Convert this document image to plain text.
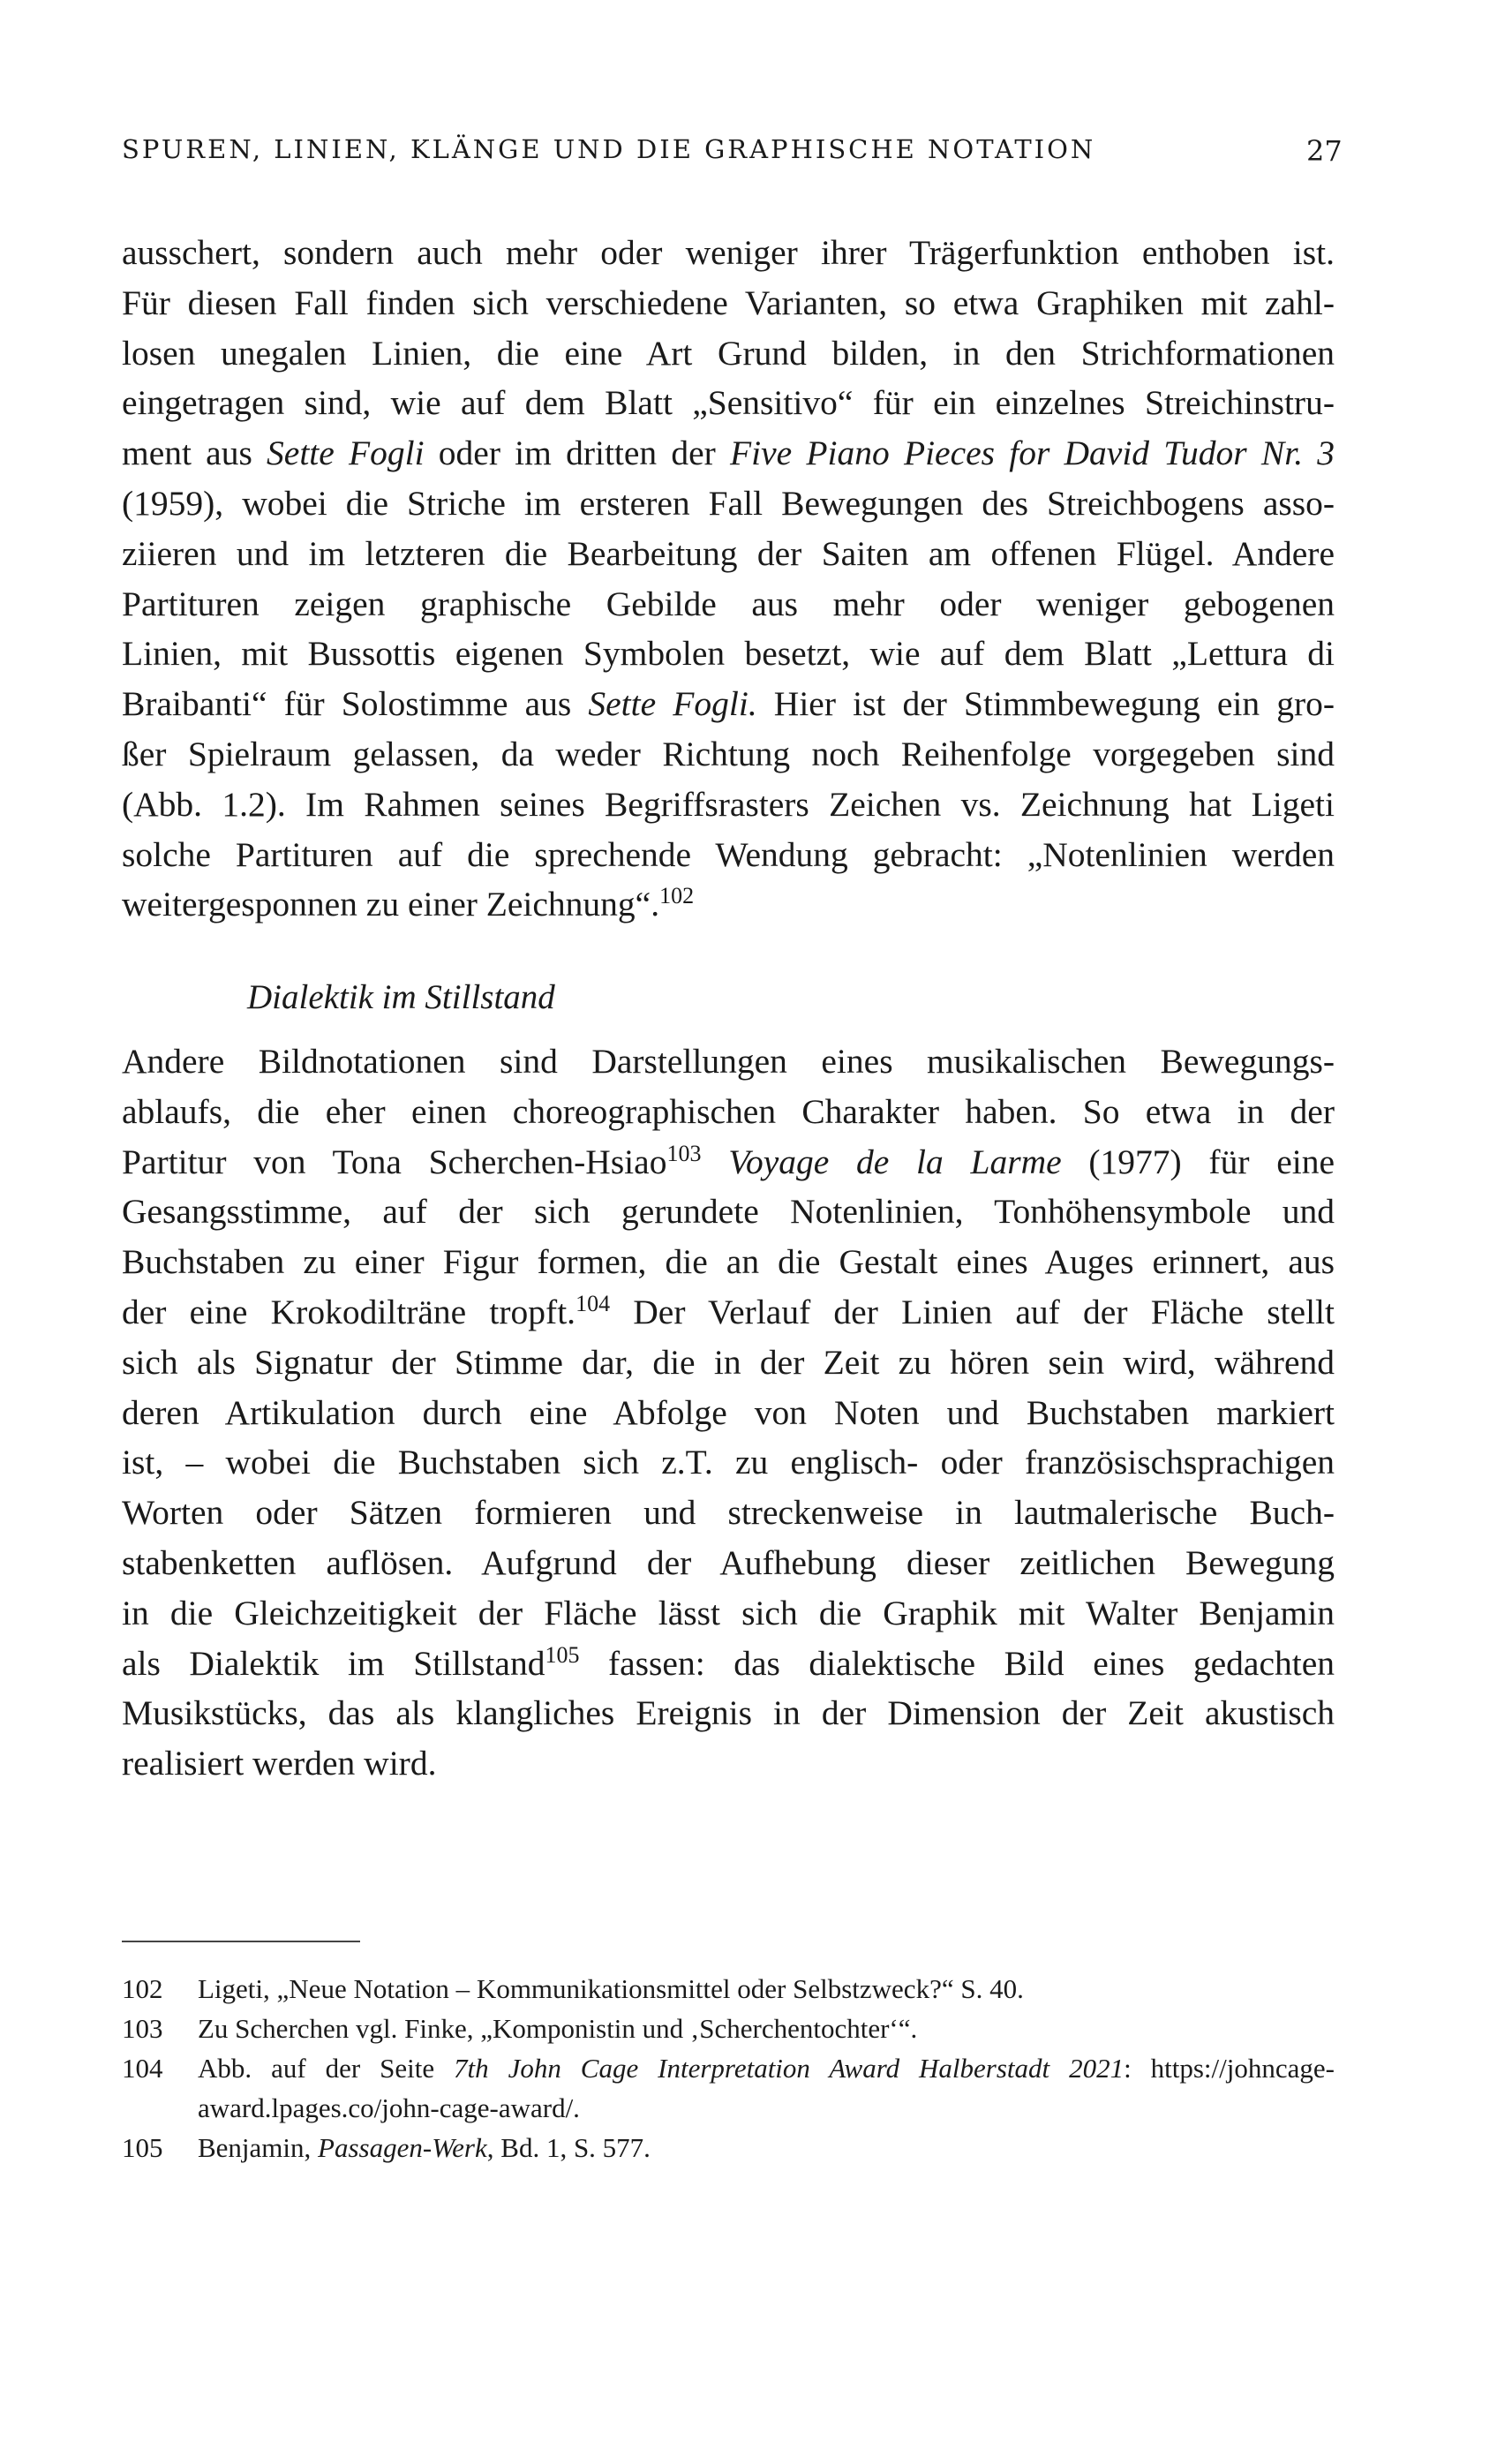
SPUREN, LINIEN, KLÄNGE UND DIE GRAPHISCHE NOTATION	27
ausschert, sondern auch mehr oder weniger ihrer Trägerfunktion enthoben ist.
Für diesen Fall finden sich verschiedene Varianten, so etwa Graphiken mit zahl-
losen unegalen Linien, die eine Art Grund bilden, in den Strichformationen
eingetragen sind, wie auf dem Blatt „Sensitivo“ für ein einzelnes Streichinstru-
ment aus Sette Fogli oder im dritten der Five Piano Pieces for David Tudor Nr. 3
(1959), wobei die Striche im ersteren Fall Bewegungen des Streichbogens asso-
ziieren und im letzteren die Bearbeitung der Saiten am offenen Flügel. Andere
Partituren zeigen graphische Gebilde aus mehr oder weniger gebogenen
Linien, mit Bussottis eigenen Symbolen besetzt, wie auf dem Blatt „Lettura di
Braibanti“ für Solostimme aus Sette Fogli. Hier ist der Stimmbewegung ein gro-
ßer Spielraum gelassen, da weder Richtung noch Reihenfolge vorgegeben sind
(Abb. 1.2). Im Rahmen seines Begriffsrasters Zeichen vs. Zeichnung hat Ligeti
solche Partituren auf die sprechende Wendung gebracht: „Notenlinien werden
weitergesponnen zu einer Zeichnung“.$^{102}$
Dialektik im Stillstand
Andere Bildnotationen sind Darstellungen eines musikalischen Bewegungs-
ablaufs, die eher einen choreographischen Charakter haben. So etwa in der
Partitur von Tona Scherchen-Hsiao$^{103}$ Voyage de la Larme (1977) für eine
Gesangsstimme, auf der sich gerundete Notenlinien, Tonhöhensymbole und
Buchstaben zu einer Figur formen, die an die Gestalt eines Auges erinnert, aus
der eine Krokodilträne tropft.$^{104}$ Der Verlauf der Linien auf der Fläche stellt
sich als Signatur der Stimme dar, die in der Zeit zu hören sein wird, während
deren Artikulation durch eine Abfolge von Noten und Buchstaben markiert
ist, – wobei die Buchstaben sich z.T. zu englisch- oder französischsprachigen
Worten oder Sätzen formieren und streckenweise in lautmalerische Buch-
stabenketten auflösen. Aufgrund der Aufhebung dieser zeitlichen Bewegung
in die Gleichzeitigkeit der Fläche lässt sich die Graphik mit Walter Benjamin
als Dialektik im Stillstand$^{105}$ fassen: das dialektische Bild eines gedachten
Musikstücks, das als klangliches Ereignis in der Dimension der Zeit akustisch
realisiert werden wird.
102 Ligeti, „Neue Notation – Kommunikationsmittel oder Selbstzweck?“ S. 40.
103 Zu Scherchen vgl. Finke, „Komponistin und ‚Scherchentochter‘“.
104 Abb. auf der Seite 7th John Cage Interpretation Award Halberstadt 2021: https://johncage-
award.lpages.co/john-cage-award/.
105 Benjamin, Passagen-Werk, Bd. 1, S. 577.
